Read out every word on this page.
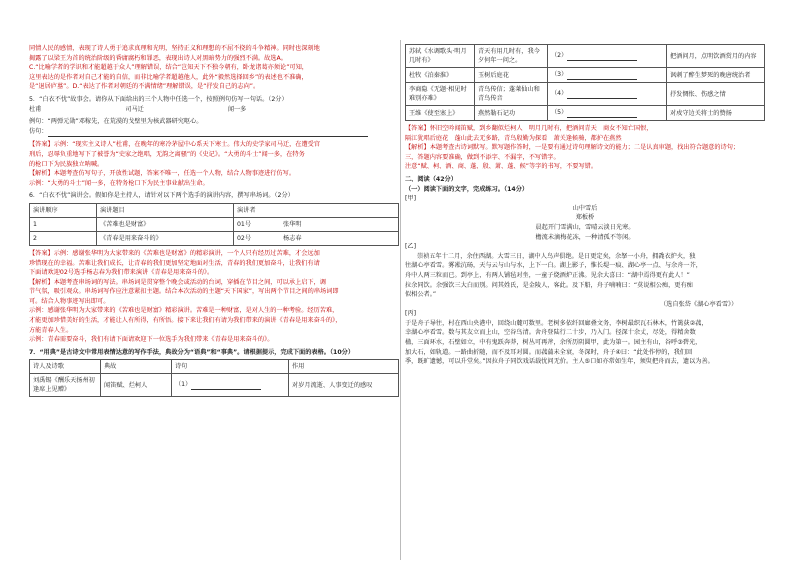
同情人民的感情，表现了诗人勇于追求真理和光明，坚持正义和理想的不屈不挠的斗争精神。同时也深刻地

揭露了以梁王为首的统治阶级的昏庸腐朽和罪恶，表现出诗人对黑暗势力的强烈不满。故选A。

C.“比喻学者的学识和才能超越于众人”理解错误，结合“岂知天下不独今朝有，卧龙诸葛亦须论”可知，

这里表达的是作者对自己才能的自信，而非比喻学者超越他人，此外“毅然选择回乡”的表述也不准确，

是“退居庐墓”。D.“表达了作者对朝廷的不满情绪”理解错误，是“抒发自己的志向”。

5．“白衣不忧”故事会。请你从下面给出的三个人物中任选一个，按照例句仿写一句话。（2分）

杜甫	司马迁	闻一多

例句：“两弹元勋”邓稼先，在荒漠的戈壁里为核武器研究呕心。

仿句：

【答案】示例：“现实主义诗人”杜甫，在晚年的寒冷茅屋中心系天下寒士。伟大的史学家司马迁，在遭受宫

刑后，忍辱负重地写下了被誉为“史家之绝唱，无韵之离骚”的《史记》。“大勇的斗士”闻一多，在特务

的枪口下为民族独立呐喊。

【解析】本题考查仿写句子，开放性试题，答案不唯一，任选一个人物，结合人物事迹进行仿写。

示例：“大勇的斗士”闻一多，在特务枪口下为民主事业献出生命。

6．“白衣不忧”演讲会。假如你是主持人，请针对以下两个选手的演讲内容，撰写串场词。（2分）

演讲顺序	演讲题目	演讲者	
1	《苦难也是财富》	01号	张华明
2	《青春是用来奋斗的》	02号	杨志春

【答案】示例：感谢张华明为大家带来的《苦难也是财富》的精彩演讲，一个人只有经历过苦难，才会远加

珍惜现在的幸福。苦难让我们成长，让青春的我们更加坚定地面对生活，青春的我们更加奋斗，让我们有请

下面请欢迎02号选手杨志春为我们带来演讲《青春是用来奋斗的》。

【解析】本题考查串场词的写法。串场词是贯穿整个晚会或活动的台词，穿插在节目之间，可以承上启下，调

节气氛，吸引观众。串场词写作应注意紧扣主题。结合本次活动的主题“天下国家”，写出两个节目之间的串场词即

可。结合人物事迹写出即可。

示例：感谢张华明为大家带来的《苦难也是财富》精彩演讲。苦难是一种财富，是对人生的一种考验。经历苦难，

才能更加珍惜美好的生活，才能让人有所得，有所悟。接下来让我们有请为我们带来的演讲《青春是用来奋斗的》，

方能青春人生。

示例：青春需要奋斗，我们有请下面请欢迎下一位选手为我们带来《青春是用来奋斗的》。

7．“用典”是古诗文中常用表情达意的写作手法，典故分为“语典”和“事典”。请根据提示，完成下面的表格。（10分）

诗人及诗歌	典故	诗句	作用
刘禹锡《酬乐天扬州初逢席上见赠》	闻笛赋、烂柯人	（1）	对岁月流逝、人事变迁的感叹
苏轼《水调歌头·明月几时有》	青天有用几时有，我今夕何年一问之。	（2）	把酒问月，点明饮酒赏月的内容
杜牧《泊秦淮》	玉树后庭花	（3）	讽刺了醉生梦死的晚唐统治者
李商隐《无题·相见时难别亦难》	青鸟传信；蓬莱仙山和青鸟传音	（4）	抒发惆怅、伤感之情
王维《使至塞上》	燕然勒石记功	（5）	对戍守边关将士的赞扬

【答案】怀旧空吟闻笛赋，到乡翻似烂柯人　明月几时有，把酒问青天　商女不知亡国恨，

隔江犹唱后庭花　蓬山此去无多路，青鸟殷勤为探看　萧关逢候骑，都护在燕然

【解析】本题考查古诗词默写。默写题作答时，一是要有通过诗句理解诗文的能力；二是认真审题，找出符合题意的诗句；

三，答题内容要准确，做到不添字、不漏字，不写错字。

注意“赋、柯、酒、商、蓬、殷、萧、蓬、候”等字的书写，不要写错。

二、阅读（42分）

（一）阅读下面的文字，完成练习。（14分）

[甲]

山中雪后

郑板桥

晨起开门雪满山，雪晴云淡日光寒。

檐流未滴梅花冻，一种清孤不等闲。

[乙]

崇祯五年十二月，余住西湖。大雪三日，湖中人鸟声俱绝。是日更定矣，余拏一小舟，拥毳衣炉火，独

往湖心亭看雪。雾凇沆砀，天与云与山与水，上下一白。湖上影子，惟长堤一痕、湖心亭一点、与余舟一芥，

舟中人两三粒而已。到亭上，有两人铺毡对坐，一童子烧酒炉正沸。见余大喜曰：“湖中焉得更有此人！”

拉余同饮。余强饮三大白而别。问其姓氏，是金陵人，客此。及下船，舟子喃喃曰：“莫说相公痴，更有痴

似相公者。”

（选自张岱《湖心亭看雪》）

[丙]

于是舟子导往，村在西山央港中，回绕山麓可数里。老树多依纤回廊叠文务，李树最织瓦石林木，竹篱荻②菰，

幸湖心亭看雪。数与其友立而上山，空谷鸟清。舍舟登陆行二十步，乃入门。径深十余丈，尽处，得精舍数

楹，三面环水，石壁如立，中有鬼跃奔莽，树丛可再斧，余所历阴圆甲，此为第一。园主有山，谷呼③碧光，

加大石，如轨道。一路曲折随，而不及耳对圆。而菰蒲未全衰，冬深时，舟子④曰：“此处作停的，我们回

季，既旷遗憾，可以升堂矣。”因拉舟子同饮戏话载忧问无价。主人⑤口如亦常如生年，须臾把舟而去，遗以为善。
